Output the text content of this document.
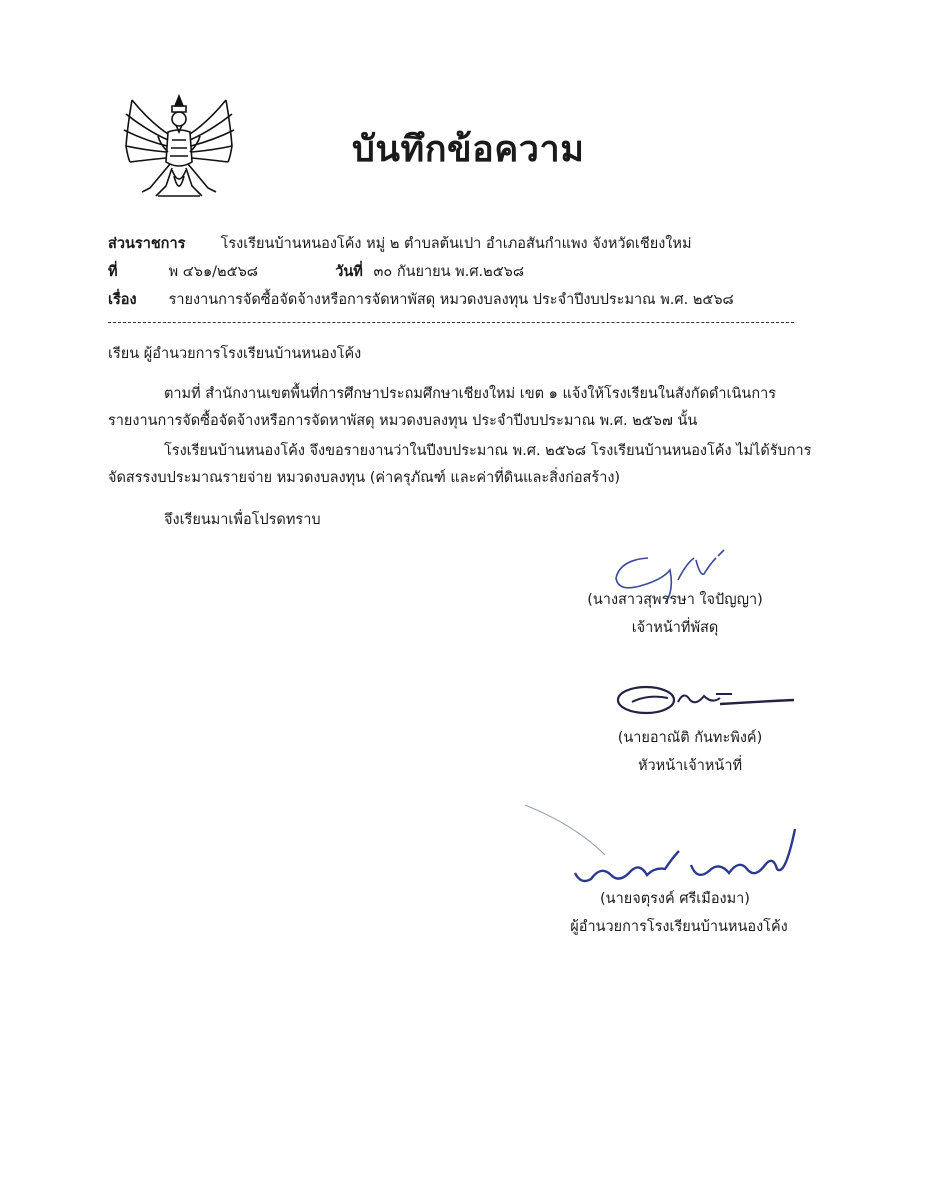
บันทึกข้อความ
ส่วนราชการ โรงเรียนบ้านหนองโค้ง หมู่ ๒ ตำบลต้นเปา อำเภอสันกำแพง จังหวัดเชียงใหม่
ที่	พ ๔๖๑/๒๕๖๘	วันที่ ๓๐ กันยายน พ.ศ.๒๕๖๘
เรื่อง รายงานการจัดซื้อจัดจ้างหรือการจัดหาพัสดุ หมวดงบลงทุน ประจำปีงบประมาณ พ.ศ. ๒๕๖๘
เรียน ผู้อำนวยการโรงเรียนบ้านหนองโค้ง
ตามที่ สำนักงานเขตพื้นที่การศึกษาประถมศึกษาเชียงใหม่ เขต ๑ แจ้งให้โรงเรียนในสังกัดดำเนินการ
รายงานการจัดซื้อจัดจ้างหรือการจัดหาพัสดุ หมวดงบลงทุน ประจำปีงบประมาณ พ.ศ. ๒๕๖๗ นั้น
โรงเรียนบ้านหนองโค้ง จึงขอรายงานว่าในปีงบประมาณ พ.ศ. ๒๕๖๘ โรงเรียนบ้านหนองโค้ง ไม่ได้รับการ
จัดสรรงบประมาณรายจ่าย หมวดงบลงทุน (ค่าครุภัณฑ์ และค่าที่ดินและสิ่งก่อสร้าง)
จึงเรียนมาเพื่อโปรดทราบ
(นางสาวสุพรรษา ใจปัญญา)
เจ้าหน้าที่พัสดุ
(นายอาณัติ กันทะพิงค์)
หัวหน้าเจ้าหน้าที่
(นายจตุรงค์ ศรีเมืองมา)
ผู้อำนวยการโรงเรียนบ้านหนองโค้ง
